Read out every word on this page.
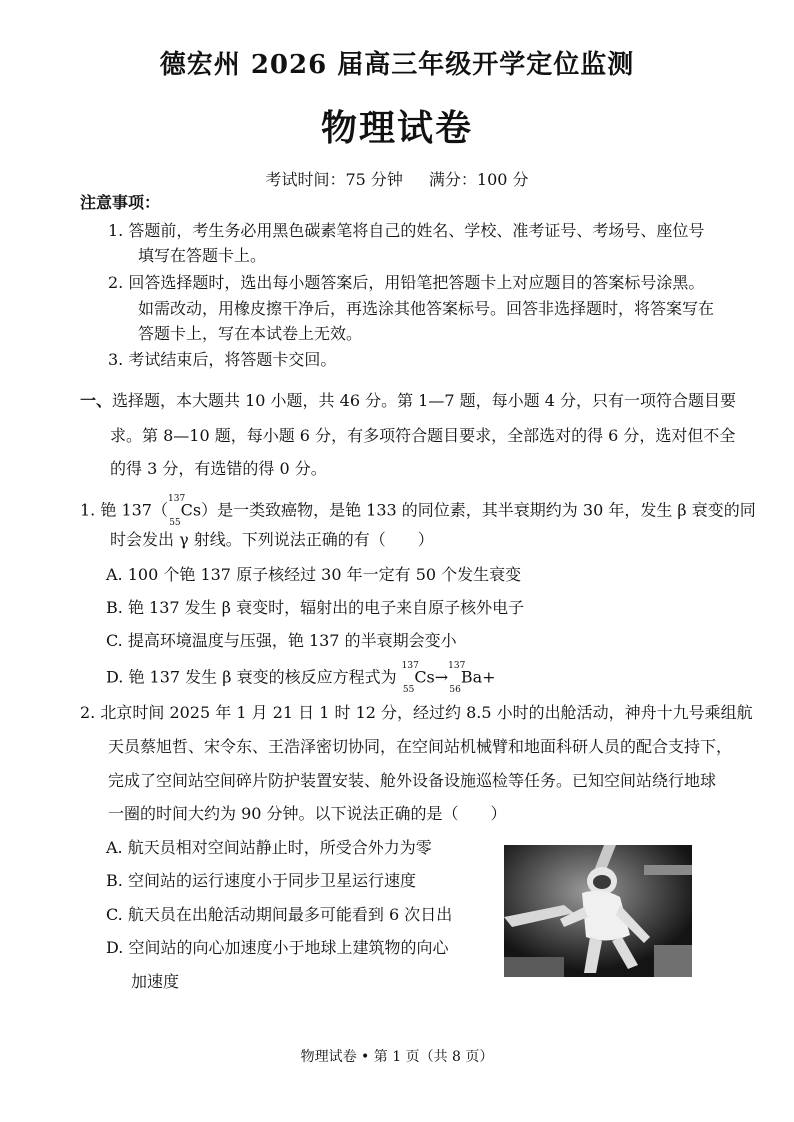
德宏州 2026 届高三年级开学定位监测
物理试卷
考试时间：75 分钟 满分：100 分
注意事项：
1. 答题前，考生务必用黑色碳素笔将自己的姓名、学校、准考证号、考场号、座位号
填写在答题卡上。
2. 回答选择题时，选出每小题答案后，用铅笔把答题卡上对应题目的答案标号涂黑。
如需改动，用橡皮擦干净后，再选涂其他答案标号。回答非选择题时，将答案写在
答题卡上，写在本试卷上无效。
3. 考试结束后，将答题卡交回。
一、选择题，本大题共 10 小题，共 46 分。第 1—7 题，每小题 4 分，只有一项符合题目要
求。第 8—10 题，每小题 6 分，有多项符合题目要求，全部选对的得 6 分，选对但不全
的得 3 分，有选错的得 0 分。
1. 铯 137（$^{137}_{55}$Cs）是一类致癌物，是铯 133 的同位素，其半衰期约为 30 年，发生 β 衰变的同
时会发出 γ 射线。下列说法正确的有（　　）
A. 100 个铯 137 原子核经过 30 年一定有 50 个发生衰变
B. 铯 137 发生 β 衰变时，辐射出的电子来自原子核外电子
C. 提高环境温度与压强，铯 137 的半衰期会变小
D. 铯 137 发生 β 衰变的核反应方程式为 $^{137}_{55}$Cs→$^{137}_{56}$Ba+
2. 北京时间 2025 年 1 月 21 日 1 时 12 分，经过约 8.5 小时的出舱活动，神舟十九号乘组航
天员蔡旭哲、宋令东、王浩泽密切协同，在空间站机械臂和地面科研人员的配合支持下，
完成了空间站空间碎片防护装置安装、舱外设备设施巡检等任务。已知空间站绕行地球
一圈的时间大约为 90 分钟。以下说法正确的是（　　）
A. 航天员相对空间站静止时，所受合外力为零
B. 空间站的运行速度小于同步卫星运行速度
C. 航天员在出舱活动期间最多可能看到 6 次日出
D. 空间站的向心加速度小于地球上建筑物的向心
加速度
物理试卷 • 第 1 页（共 8 页）
